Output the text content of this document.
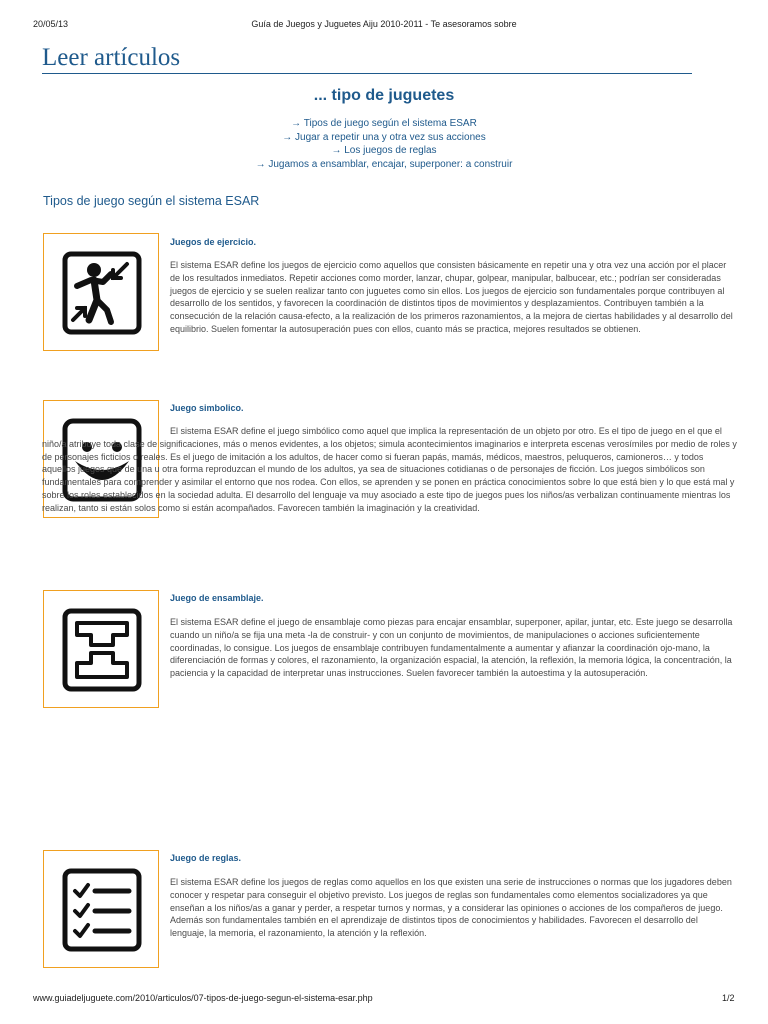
20/05/13	Guía de Juegos y Juguetes Aiju 2010-2011 - Te asesoramos sobre
Leer artículos
... tipo de juguetes
→ Tipos de juego según el sistema ESAR
→ Jugar a repetir una y otra vez sus acciones
→ Los juegos de reglas
→ Jugamos a ensamblar, encajar, superponer: a construir
Tipos de juego según el sistema ESAR
Juegos de ejercicio.
El sistema ESAR define los juegos de ejercicio como aquellos que consisten básicamente en repetir una y otra vez una acción por el placer de los resultados inmediatos. Repetir acciones como morder, lanzar, chupar, golpear, manipular, balbucear, etc.; podrían ser consideradas juegos de ejercicio y se suelen realizar tanto con juguetes como sin ellos. Los juegos de ejercicio son fundamentales porque contribuyen al desarrollo de los sentidos, y favorecen la coordinación de distintos tipos de movimientos y desplazamientos. Contribuyen también a la consecución de la relación causa-efecto, a la realización de los primeros razonamientos, a la mejora de ciertas habilidades y al desarrollo del equilibrio. Suelen fomentar la autosuperación pues con ellos, cuanto más se practica, mejores resultados se obtienen.
Juego simbolico.
El sistema ESAR define el juego simbólico como aquel que implica la representación de un objeto por otro. Es el tipo de juego en el que el niño/a atribuye toda clase de significaciones, más o menos evidentes, a los objetos; simula acontecimientos imaginarios e interpreta escenas verosímiles por medio de roles y de personajes ficticios o reales. Es el juego de imitación a los adultos, de hacer como si fueran papás, mamás, médicos, maestros, peluqueros, camioneros… y todos aquellos juegos que de una u otra forma reproduzcan el mundo de los adultos, ya sea de situaciones cotidianas o de personajes de ficción. Los juegos simbólicos son fundamentales para comprender y asimilar el entorno que nos rodea. Con ellos, se aprenden y se ponen en práctica conocimientos sobre lo que está bien y lo que está mal y sobre los roles establecidos en la sociedad adulta. El desarrollo del lenguaje va muy asociado a este tipo de juegos pues los niños/as verbalizan continuamente mientras los realizan, tanto si están solos como si están acompañados. Favorecen también la imaginación y la creatividad.
Juego de ensamblaje.
El sistema ESAR define el juego de ensamblaje como piezas para encajar ensamblar, superponer, apilar, juntar, etc. Este juego se desarrolla cuando un niño/a se fija una meta -la de construir- y con un conjunto de movimientos, de manipulaciones o acciones suficientemente coordinadas, lo consigue. Los juegos de ensamblaje contribuyen fundamentalmente a aumentar y afianzar la coordinación ojo-mano, la diferenciación de formas y colores, el razonamiento, la organización espacial, la atención, la reflexión, la memoria lógica, la concentración, la paciencia y la capacidad de interpretar unas instrucciones. Suelen favorecer también la autoestima y la autosuperación.
Juego de reglas.
El sistema ESAR define los juegos de reglas como aquellos en los que existen una serie de instrucciones o normas que los jugadores deben conocer y respetar para conseguir el objetivo previsto. Los juegos de reglas son fundamentales como elementos socializadores ya que enseñan a los niños/as a ganar y perder, a respetar turnos y normas, y a considerar las opiniones o acciones de los compañeros de juego. Además son fundamentales también en el aprendizaje de distintos tipos de conocimientos y habilidades. Favorecen el desarrollo del lenguaje, la memoria, el razonamiento, la atención y la reflexión.
www.guiadeljuguete.com/2010/articulos/07-tipos-de-juego-segun-el-sistema-esar.php	1/2
